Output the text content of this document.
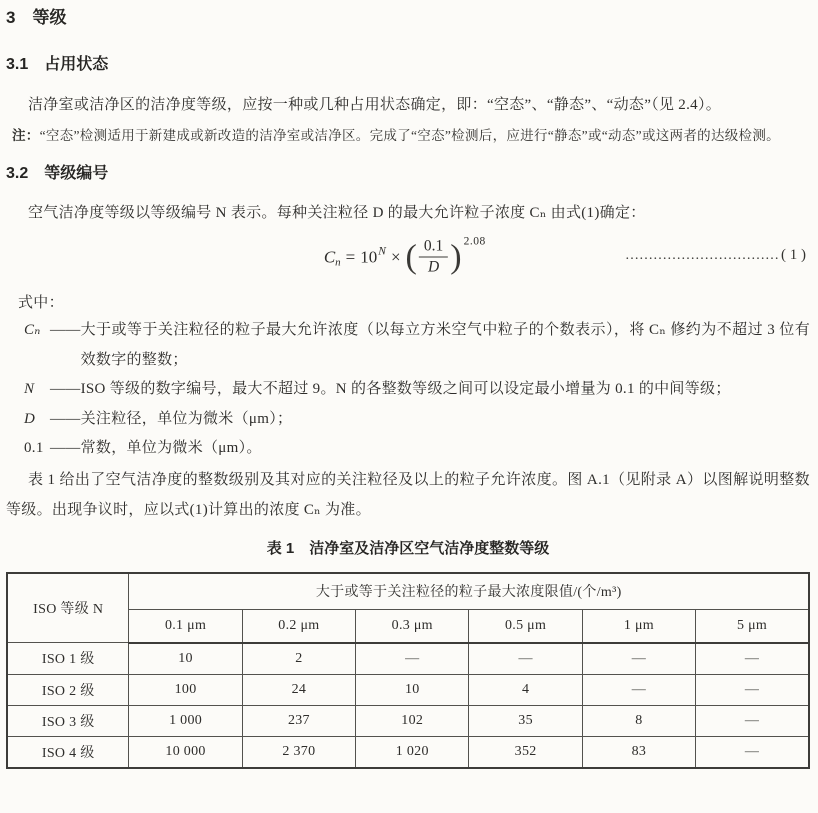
3　等级
3.1　占用状态

洁净室或洁净区的洁净度等级，应按一种或几种占用状态确定，即：“空态”、“静态”、“动态”（见 2.4）。

注：“空态”检测适用于新建成或新改造的洁净室或洁净区。完成了“空态”检测后，应进行“静态”或“动态”或这两者的达级检测。

3.2　等级编号

空气洁净度等级以等级编号 N 表示。每种关注粒径 D 的最大允许粒子浓度 Cₙ 由式(1)确定：

C n = 10 N × ( $\frac{0.1}{D}$ ) 2.08
…………………………… ( 1 )

式中：

Cₙ —— 大于或等于关注粒径的粒子最大允许浓度（以每立方米空气中粒子的个数表示），将 Cₙ 修约为不超过 3 位有效数字的整数；
N	—— ISO 等级的数字编号，最大不超过 9。N 的各整数等级之间可以设定最小增量为 0.1 的中间等级；
D —— 关注粒径，单位为微米（μm）；
0.1 —— 常数，单位为微米（μm）。

表 1 给出了空气洁净度的整数级别及其对应的关注粒径及以上的粒子允许浓度。图 A.1（见附录 A）以图解说明整数等级。出现争议时，应以式(1)计算出的浓度 Cₙ 为准。

表 1　洁净室及洁净区空气洁净度整数等级

ISO 等级 N	大于或等于关注粒径的粒子最大浓度限值/(个/m³)					
	0.1 μm	0.2 μm	0.3 μm	0.5 μm	1 μm	5 μm
ISO 1 级	10	2	—	—	—	—
ISO 2 级	100	24	10	4	—	—
ISO 3 级	1 000	237	102	35	8	—
ISO 4 级	10 000	2 370	1 020	352	83	—
